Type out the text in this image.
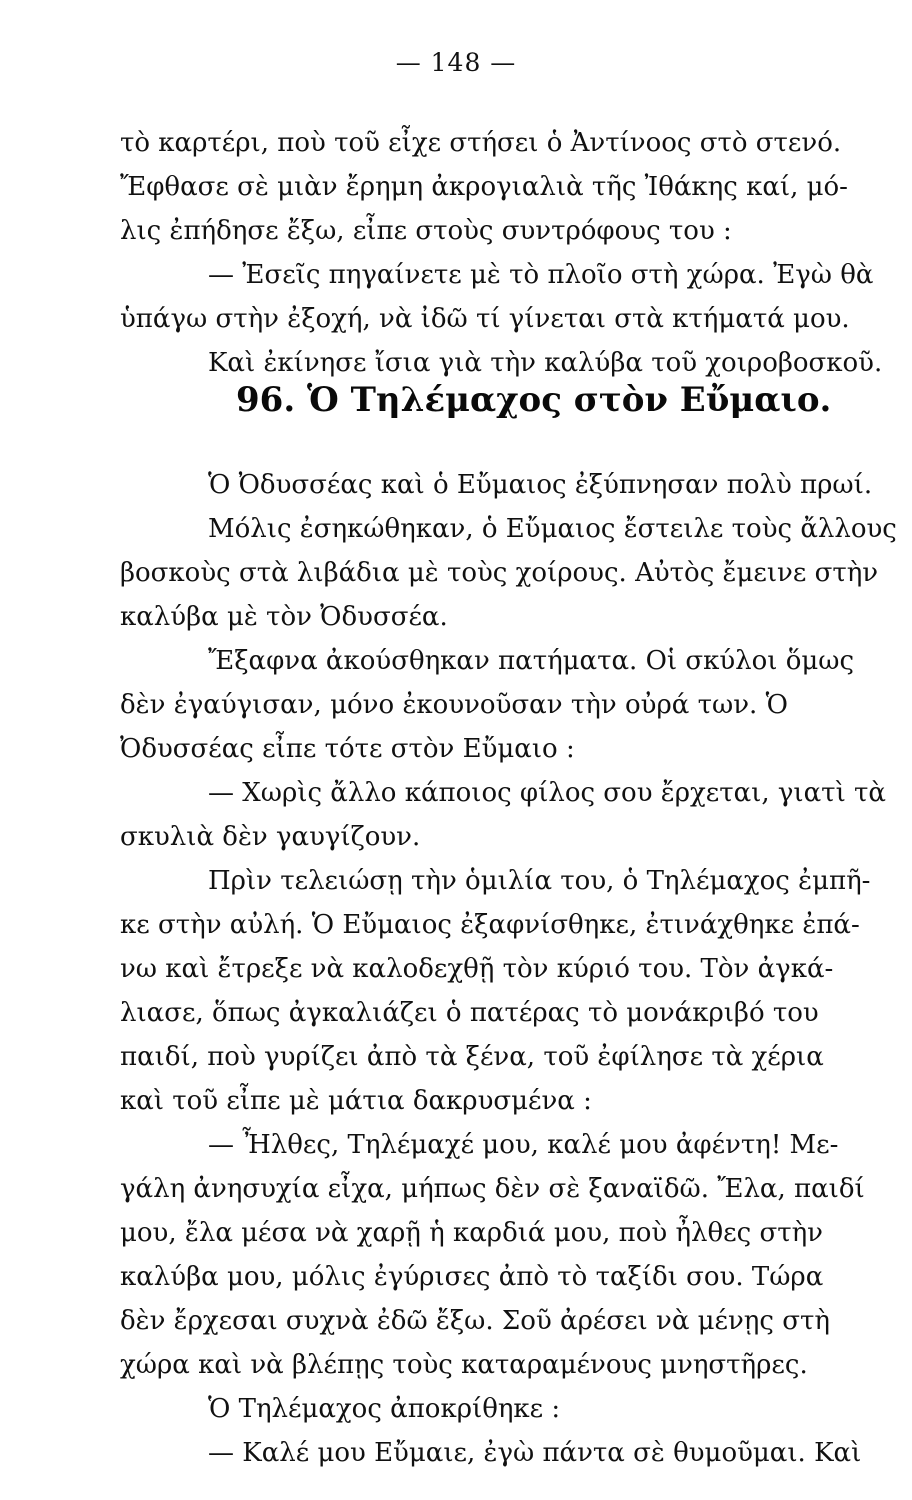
— 148 —
τὸ καρτέρι, ποὺ τοῦ εἶχε στήσει ὁ Ἀντίνοος στὸ στενό.
Ἔφθασε σὲ μιὰν ἔρημη ἀκρογιαλιὰ τῆς Ἰθάκης καί, μό-
λις ἐπήδησε ἔξω, εἶπε στοὺς συντρόφους του :
— Ἐσεῖς πηγαίνετε μὲ τὸ πλοῖο στὴ χώρα. Ἐγὼ θὰ
ὑπάγω στὴν ἐξοχή, νὰ ἰδῶ τί γίνεται στὰ κτήματά μου.
Καὶ ἐκίνησε ἴσια γιὰ τὴν καλύβα τοῦ χοιροβοσκοῦ.
96. Ὁ Τηλέμαχος στὸν Εὔμαιο.
Ὁ Ὀδυσσέας καὶ ὁ Εὔμαιος ἐξύπνησαν πολὺ πρωί.
Μόλις ἐσηκώθηκαν, ὁ Εὔμαιος ἔστειλε τοὺς ἄλλους
βοσκοὺς στὰ λιβάδια μὲ τοὺς χοίρους. Αὐτὸς ἔμεινε στὴν
καλύβα μὲ τὸν Ὀδυσσέα.
Ἔξαφνα ἀκούσθηκαν πατήματα. Οἱ σκύλοι ὅμως
δὲν ἐγαύγισαν, μόνο ἐκουνοῦσαν τὴν οὐρά των. Ὁ
Ὀδυσσέας εἶπε τότε στὸν Εὔμαιο :
— Χωρὶς ἄλλο κάποιος φίλος σου ἔρχεται, γιατὶ τὰ
σκυλιὰ δὲν γαυγίζουν.
Πρὶν τελειώσῃ τὴν ὁμιλία του, ὁ Τηλέμαχος ἐμπῆ-
κε στὴν αὐλή. Ὁ Εὔμαιος ἐξαφνίσθηκε, ἐτινάχθηκε ἐπά-
νω καὶ ἔτρεξε νὰ καλοδεχθῇ τὸν κύριό του. Τὸν ἀγκά-
λιασε, ὅπως ἀγκαλιάζει ὁ πατέρας τὸ μονάκριβό του
παιδί, ποὺ γυρίζει ἀπὸ τὰ ξένα, τοῦ ἐφίλησε τὰ χέρια
καὶ τοῦ εἶπε μὲ μάτια δακρυσμένα :
— Ἦλθες, Τηλέμαχέ μου, καλέ μου ἀφέντη! Με-
γάλη ἀνησυχία εἶχα, μήπως δὲν σὲ ξαναϊδῶ. Ἔλα, παιδί
μου, ἔλα μέσα νὰ χαρῇ ἡ καρδιά μου, ποὺ ἦλθες στὴν
καλύβα μου, μόλις ἐγύρισες ἀπὸ τὸ ταξίδι σου. Τώρα
δὲν ἔρχεσαι συχνὰ ἐδῶ ἔξω. Σοῦ ἀρέσει νὰ μένῃς στὴ
χώρα καὶ νὰ βλέπῃς τοὺς καταραμένους μνηστῆρες.
Ὁ Τηλέμαχος ἀποκρίθηκε :
— Καλέ μου Εὔμαιε, ἐγὼ πάντα σὲ θυμοῦμαι. Καὶ
